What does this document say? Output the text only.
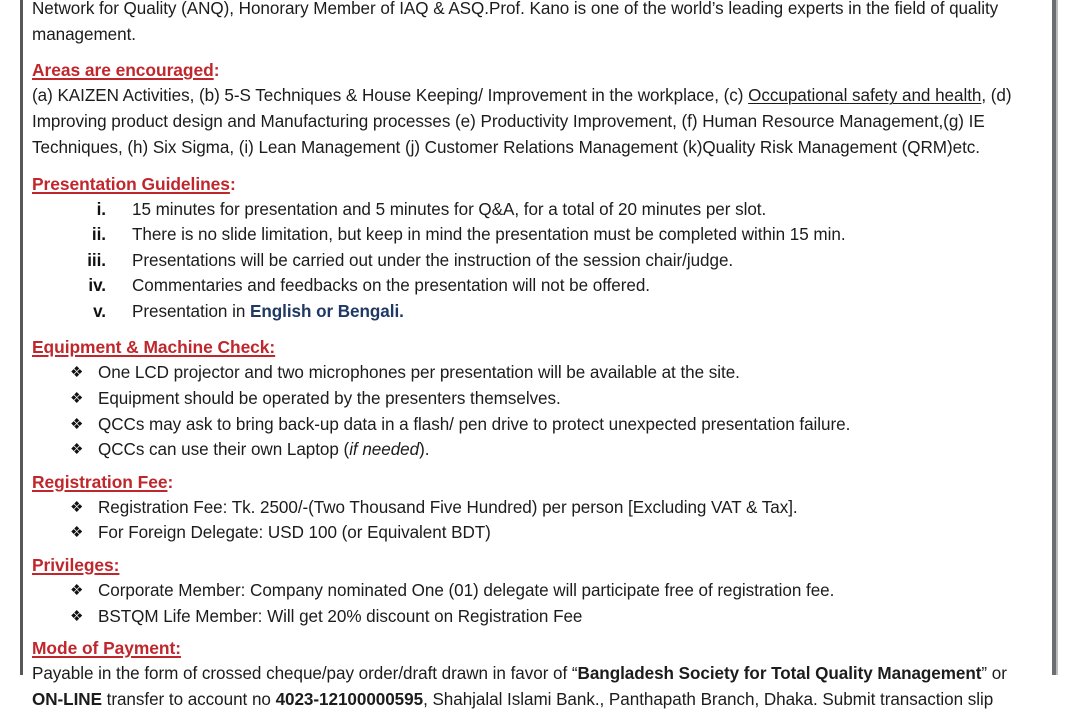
Network for Quality (ANQ), Honorary Member of IAQ & ASQ.Prof. Kano is one of the world’s leading experts in the field of quality

management.

Areas are encouraged:

(a) KAIZEN Activities, (b) 5-S Techniques & House Keeping/ Improvement in the workplace, (c) Occupational safety and health, (d) Improving product design and Manufacturing processes (e) Productivity Improvement, (f) Human Resource Management,(g) IE Techniques, (h) Six Sigma, (i) Lean Management (j) Customer Relations Management (k)Quality Risk Management (QRM)etc.

Presentation Guidelines:

i. 15 minutes for presentation and 5 minutes for Q&A, for a total of 20 minutes per slot.
ii. There is no slide limitation, but keep in mind the presentation must be completed within 15 min.
iii. Presentations will be carried out under the instruction of the session chair/judge.
iv. Commentaries and feedbacks on the presentation will not be offered.
v. Presentation in English or Bengali.

Equipment & Machine Check:

❖ One LCD projector and two microphones per presentation will be available at the site.
❖ Equipment should be operated by the presenters themselves.
❖ QCCs may ask to bring back-up data in a flash/ pen drive to protect unexpected presentation failure.
❖ QCCs can use their own Laptop (if needed).

Registration Fee:

❖ Registration Fee: Tk. 2500/-(Two Thousand Five Hundred) per person [Excluding VAT & Tax].
❖ For Foreign Delegate: USD 100 (or Equivalent BDT)

Privileges:

❖ Corporate Member: Company nominated One (01) delegate will participate free of registration fee.
❖ BSTQM Life Member: Will get 20% discount on Registration Fee

Mode of Payment:

Payable in the form of crossed cheque/pay order/draft drawn in favor of “Bangladesh Society for Total Quality Management” or ON-LINE transfer to account no 4023-12100000595, Shahjalal Islami Bank., Panthapath Branch, Dhaka. Submit transaction slip
